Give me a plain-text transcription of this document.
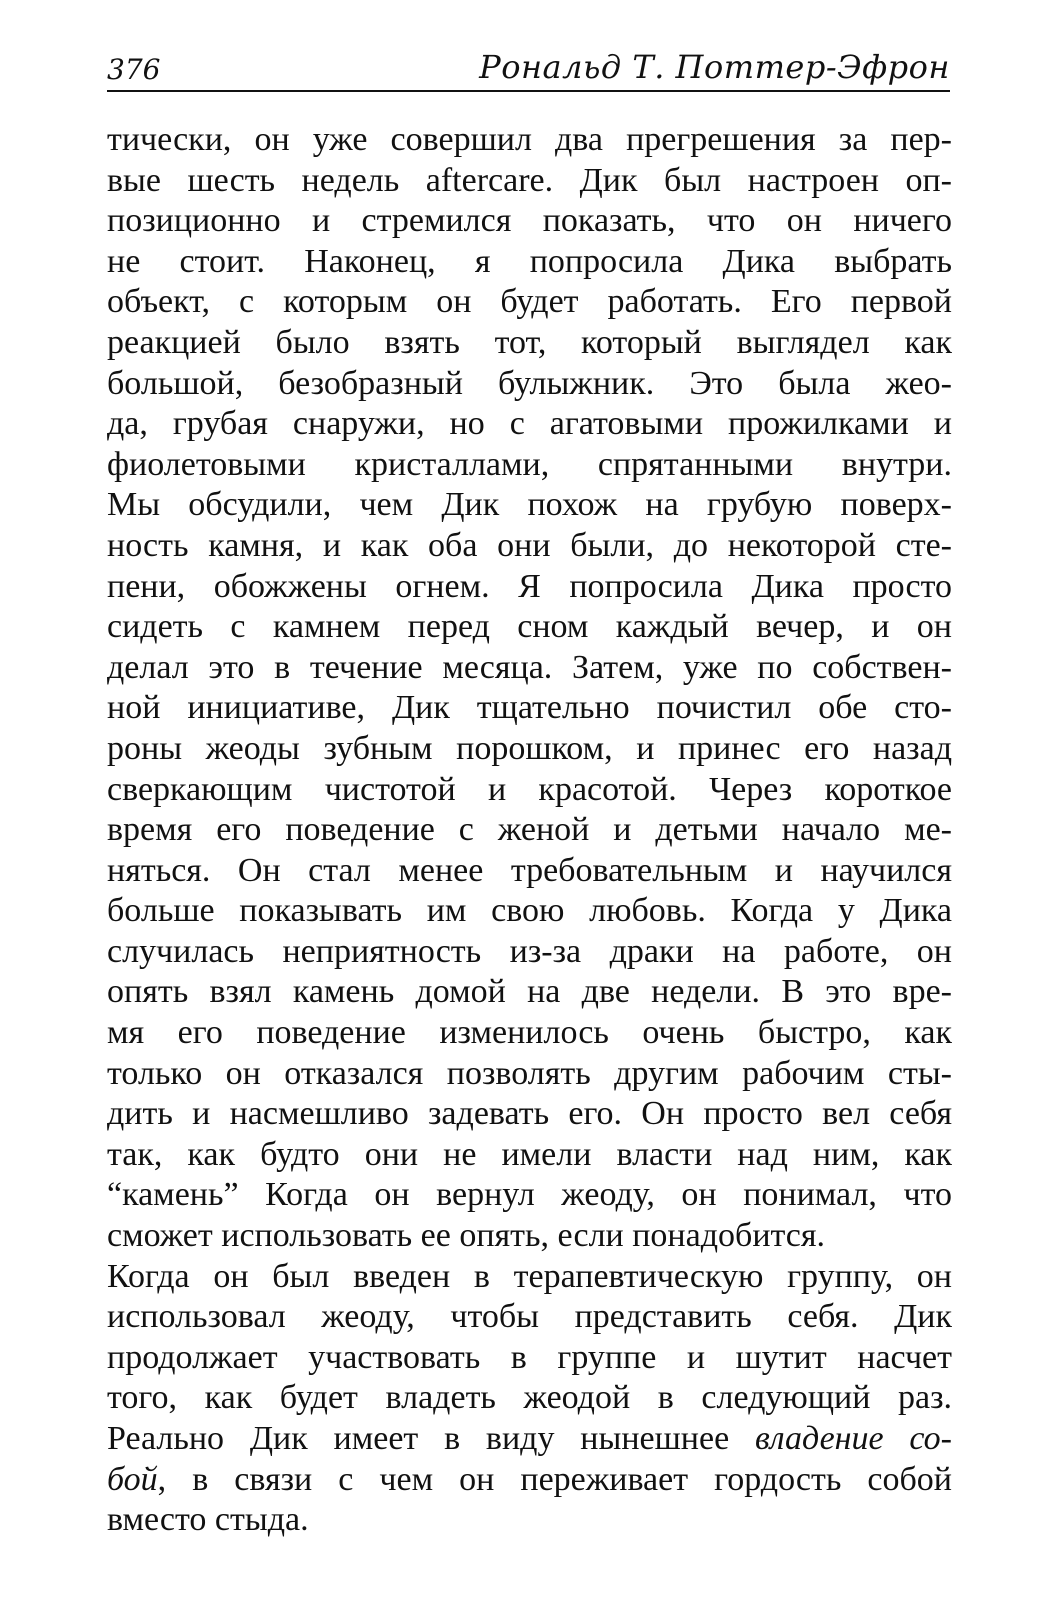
376	Рональд Т. Поттер-Эфрон
тически, он уже совершил два прегрешения за пер-
вые шесть недель aftercare. Дик был настроен оп-
позиционно и стремился показать, что он ничего
не стоит. Наконец, я попросила Дика выбрать
объект, с которым он будет работать. Его первой
реакцией было взять тот, который выглядел как
большой, безобразный булыжник. Это была жео-
да, грубая снаружи, но с агатовыми прожилками и
фиолетовыми кристаллами, спрятанными внутри.
Мы обсудили, чем Дик похож на грубую поверх-
ность камня, и как оба они были, до некоторой сте-
пени, обожжены огнем. Я попросила Дика просто
сидеть с камнем перед сном каждый вечер, и он
делал это в течение месяца. Затем, уже по собствен-
ной инициативе, Дик тщательно почистил обе сто-
роны жеоды зубным порошком, и принес его назад
сверкающим чистотой и красотой. Через короткое
время его поведение с женой и детьми начало ме-
няться. Он стал менее требовательным и научился
больше показывать им свою любовь. Когда у Дика
случилась неприятность из-за драки на работе, он
опять взял камень домой на две недели. В это вре-
мя его поведение изменилось очень быстро, как
только он отказался позволять другим рабочим сты-
дить и насмешливо задевать его. Он просто вел себя
так, как будто они не имели власти над ним, как
“камень” Когда он вернул жеоду, он понимал, что
сможет использовать ее опять, если понадобится.
Когда он был введен в терапевтическую группу, он
использовал жеоду, чтобы представить себя. Дик
продолжает участвовать в группе и шутит насчет
того, как будет владеть жеодой в следующий раз.
Реально Дик имеет в виду нынешнее владение со-
бой, в связи с чем он переживает гордость собой
вместо стыда.
